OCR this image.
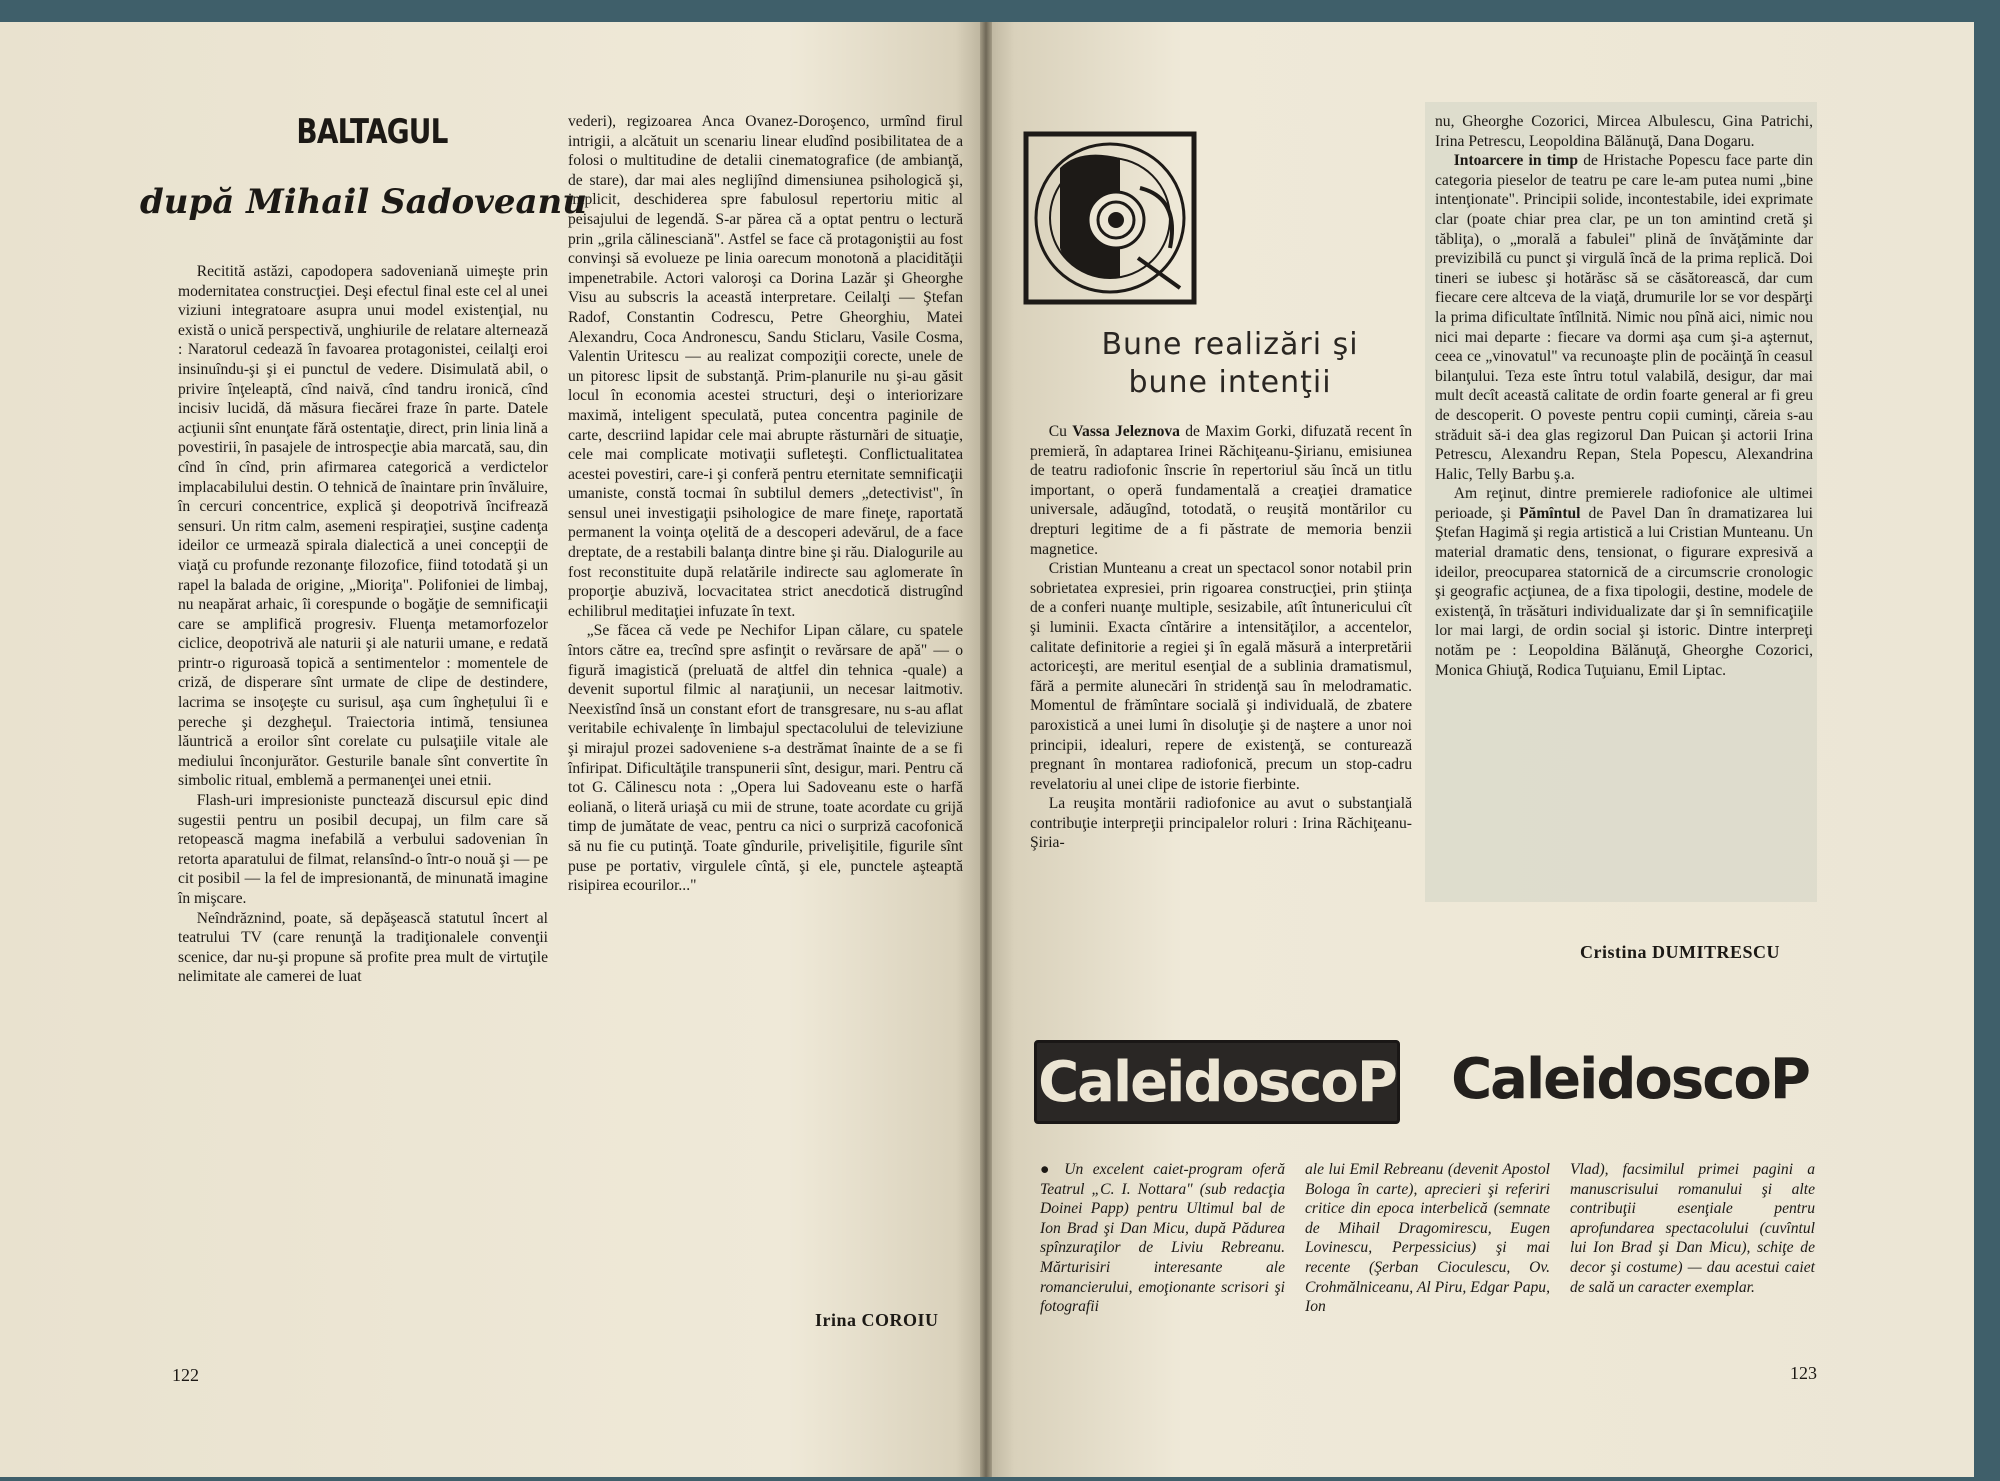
BALTAGUL
după Mihail Sadoveanu

Recitită astăzi, capodopera sadoveniană uimeşte prin modernitatea construcţiei. Deşi efectul final este cel al unei viziuni integratoare asupra unui model existenţial, nu există o unică perspectivă, unghiurile de relatare alternează : Naratorul cedează în favoarea protagonistei, ceilalţi eroi insinuîndu-şi şi ei punctul de vedere. Disimulată abil, o privire înţeleaptă, cînd naivă, cînd tandru ironică, cînd incisiv lucidă, dă măsura fiecărei fraze în parte. Datele acţiunii sînt enunţate fără ostentaţie, direct, prin linia lină a povestirii, în pasajele de introspecţie abia marcată, sau, din cînd în cînd, prin afirmarea categorică a verdictelor implacabilului destin. O tehnică de înaintare prin învăluire, în cercuri concentrice, explică şi deopotrivă încifrează sensuri. Un ritm calm, asemeni respiraţiei, susţine cadenţa ideilor ce urmează spirala dialectică a unei concepţii de viaţă cu profunde rezonanţe filozofice, fiind totodată şi un rapel la balada de origine, „Mioriţa". Polifoniei de limbaj, nu neapărat arhaic, îi corespunde o bogăţie de semnificaţii care se amplifică progresiv. Fluenţa metamorfozelor ciclice, deopotrivă ale naturii şi ale naturii umane, e redată printr-o riguroasă topică a sentimentelor : momentele de criză, de disperare sînt urmate de clipe de destindere, lacrima se insoţeşte cu surisul, aşa cum înghețului îi e pereche şi dezgheţul. Traiectoria intimă, tensiunea lăuntrică a eroilor sînt corelate cu pulsaţiile vitale ale mediului înconjurător. Gesturile banale sînt convertite în simbolic ritual, emblemă a permanenţei unei etnii.

Flash-uri impresioniste punctează discursul epic dind sugestii pentru un posibil decupaj, un film care să retopească magma inefabilă a verbului sadovenian în retorta aparatului de filmat, relansînd-o într-o nouă şi — pe cit posibil — la fel de impresionantă, de minunată imagine în mişcare.

Neîndrăznind, poate, să depăşească statutul încert al teatrului TV (care renunţă la tradiţionalele convenţii scenice, dar nu-şi propune să profite prea mult de virtuţile nelimitate ale camerei de luat

vederi), regizoarea Anca Ovanez-Doroşenco, urmînd firul intrigii, a alcătuit un scenariu linear eludînd posibilitatea de a folosi o multitudine de detalii cinematografice (de ambianţă, de stare), dar mai ales neglijînd dimensiunea psihologică şi, implicit, deschiderea spre fabulosul repertoriu mitic al peisajului de legendă. S-ar părea că a optat pentru o lectură prin „grila călinesciană". Astfel se face că protagoniştii au fost convinşi să evolueze pe linia oarecum monotonă a placidităţii impenetrabile. Actori valoroşi ca Dorina Lazăr şi Gheorghe Visu au subscris la această interpretare. Ceilalţi — Ştefan Radof, Constantin Codrescu, Petre Gheorghiu, Matei Alexandru, Coca Andronescu, Sandu Sticlaru, Vasile Cosma, Valentin Uritescu — au realizat compoziţii corecte, unele de un pitoresc lipsit de substanţă. Prim-planurile nu şi-au găsit locul în economia acestei structuri, deşi o interiorizare maximă, inteligent speculată, putea concentra paginile de carte, descriind lapidar cele mai abrupte răsturnări de situaţie, cele mai complicate motivaţii sufleteşti. Conflictualitatea acestei povestiri, care-i şi conferă pentru eternitate semnificaţii umaniste, constă tocmai în subtilul demers „detectivist", în sensul unei investigaţii psihologice de mare fineţe, raportată permanent la voinţa oţelită de a descoperi adevărul, de a face dreptate, de a restabili balanţa dintre bine şi rău. Dialogurile au fost reconstituite după relatările indirecte sau aglomerate în proporţie abuzivă, locvacitatea strict anecdotică distrugînd echilibrul meditaţiei infuzate în text.

„Se făcea că vede pe Nechifor Lipan călare, cu spatele întors către ea, trecînd spre asfinţit o revărsare de apă" — o figură imagistică (preluată de altfel din tehnica -quale) a devenit suportul filmic al naraţiunii, un necesar laitmotiv. Neexistînd însă un constant efort de transgresare, nu s-au aflat veritabile echivalenţe în limbajul spectacolului de televiziune şi mirajul prozei sadoveniene s-a destrămat înainte de a se fi înfiripat. Dificultăţile transpunerii sînt, desigur, mari. Pentru că tot G. Călinescu nota : „Opera lui Sadoveanu este o harfă eoliană, o literă uriaşă cu mii de strune, toate acordate cu grijă timp de jumătate de veac, pentru ca nici o surpriză cacofonică să nu fie cu putinţă. Toate gîndurile, privelişitile, figurile sînt puse pe portativ, virgulele cîntă, şi ele, punctele aşteaptă risipirea ecourilor..."

Irina COROIU
122
Bune realizări şi bune intenţii

Cu Vassa Jeleznova de Maxim Gorki, difuzată recent în premieră, în adaptarea Irinei Răchiţeanu-Şirianu, emisiunea de teatru radiofonic înscrie în repertoriul său încă un titlu important, o operă fundamentală a creaţiei dramatice universale, adăugînd, totodată, o reuşită montărilor cu drepturi legitime de a fi păstrate de memoria benzii magnetice.

Cristian Munteanu a creat un spectacol sonor notabil prin sobrietatea expresiei, prin rigoarea construcţiei, prin ştiinţa de a conferi nuanţe multiple, sesizabile, atît întunericului cît şi luminii. Exacta cîntărire a intensităţilor, a accentelor, calitate definitorie a regiei şi în egală măsură a interpretării actoriceşti, are meritul esenţial de a sublinia dramatismul, fără a permite alunecări în stridenţă sau în melodramatic. Momentul de frămîntare socială şi individuală, de zbatere paroxistică a unei lumi în disoluţie şi de naştere a unor noi principii, idealuri, repere de existenţă, se conturează pregnant în montarea radiofonică, precum un stop-cadru revelatoriu al unei clipe de istorie fierbinte.

La reuşita montării radiofonice au avut o substanţială contribuţie interpreţii principalelor roluri : Irina Răchiţeanu-Şiria-

nu, Gheorghe Cozorici, Mircea Albulescu, Gina Patrichi, Irina Petrescu, Leopoldina Bălănuţă, Dana Dogaru.

Intoarcere in timp de Hristache Popescu face parte din categoria pieselor de teatru pe care le-am putea numi „bine intenţionate". Principii solide, incontestabile, idei exprimate clar (poate chiar prea clar, pe un ton amintind cretă şi tăbliţa), o „morală a fabulei" plină de învăţăminte dar previzibilă cu punct şi virgulă încă de la prima replică. Doi tineri se iubesc şi hotărăsc să se căsătorească, dar cum fiecare cere altceva de la viaţă, drumurile lor se vor despărţi la prima dificultate întîlnită. Nimic nou pînă aici, nimic nou nici mai departe : fiecare va dormi aşa cum şi-a aşternut, ceea ce „vinovatul" va recunoaşte plin de pocăinţă în ceasul bilanţului. Teza este întru totul valabilă, desigur, dar mai mult decît această calitate de ordin foarte general ar fi greu de descoperit. O poveste pentru copii cuminţi, căreia s-au străduit să-i dea glas regizorul Dan Puican şi actorii Irina Petrescu, Alexandru Repan, Stela Popescu, Alexandrina Halic, Telly Barbu ş.a.

Am reţinut, dintre premierele radiofonice ale ultimei perioade, şi Pămîntul de Pavel Dan în dramatizarea lui Ştefan Hagimă şi regia artistică a lui Cristian Munteanu. Un material dramatic dens, tensionat, o figurare expresivă a ideilor, preocuparea statornică de a circumscrie cronologic şi geografic acţiunea, de a fixa tipologii, destine, modele de existenţă, în trăsături individualizate dar şi în semnificaţiile lor mai largi, de ordin social şi istoric. Dintre interpreţi notăm pe : Leopoldina Bălănuţă, Gheorghe Cozorici, Monica Ghiuţă, Rodica Tuţuianu, Emil Liptac.

Cristina DUMITRESCU
CaleidoscoP CaleidoscoP
● Un excelent caiet-program oferă Teatrul „C. I. Nottara" (sub redacţia Doinei Papp) pentru Ultimul bal de Ion Brad şi Dan Micu, după Pădurea spînzuraţilor de Liviu Rebreanu. Mărturisiri interesante ale romancierului, emoţionante scrisori şi fotografii
ale lui Emil Rebreanu (devenit Apostol Bologa în carte), aprecieri şi referiri critice din epoca interbelică (semnate de Mihail Dragomirescu, Eugen Lovinescu, Perpessicius) şi mai recente (Şerban Cioculescu, Ov. Crohmălniceanu, Al Piru, Edgar Papu, Ion
Vlad), facsimilul primei pagini a manuscrisului romanului şi alte contribuţii esenţiale pentru aprofundarea spectacolului (cuvîntul lui Ion Brad şi Dan Micu), schiţe de decor şi costume) — dau acestui caiet de sală un caracter exemplar.
123
